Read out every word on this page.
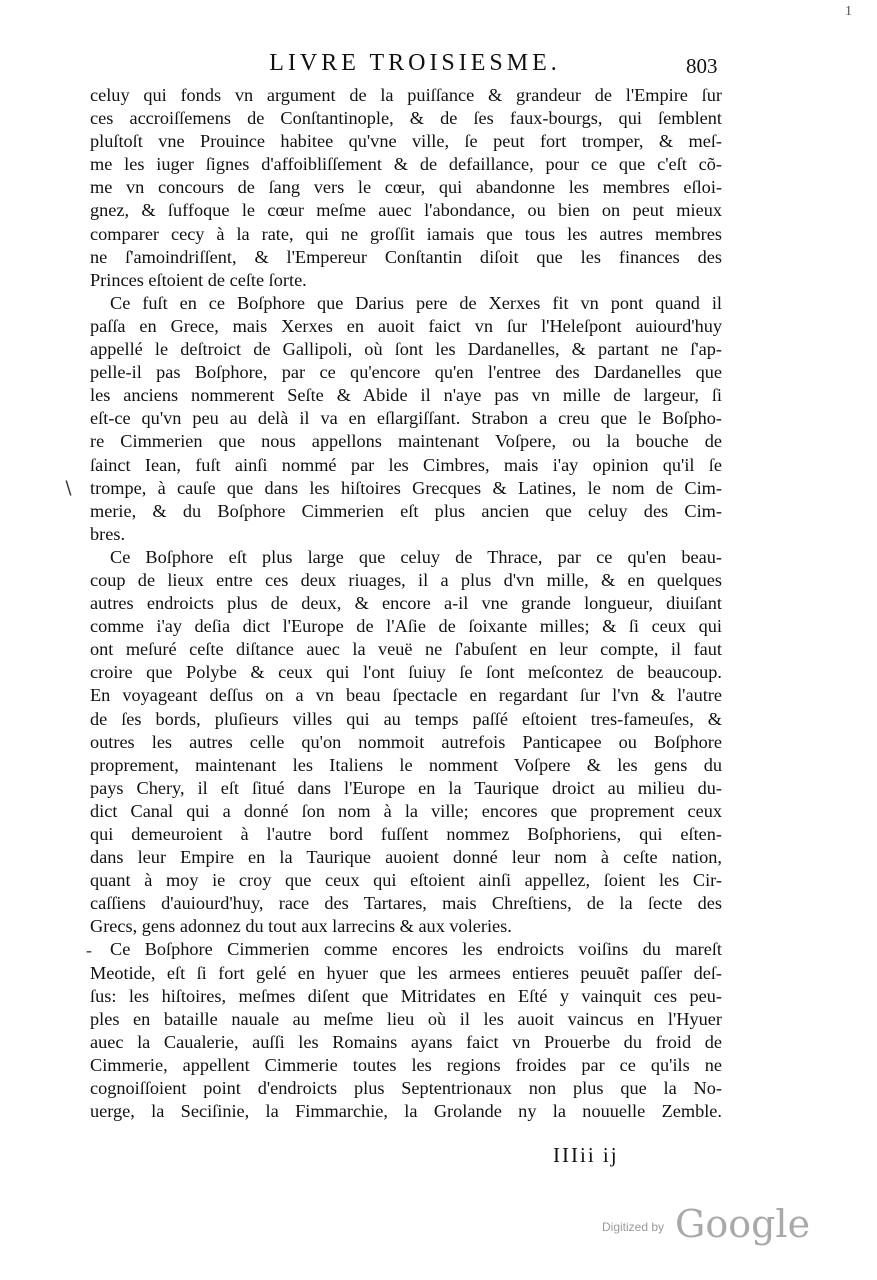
1
LIVRE TROISIESME.	803
celuy qui fonds vn argument de la puiſſance & grandeur de l'Empire ſur
ces accroiſſemens de Conſtantinople, & de ſes faux-bourgs, qui ſemblent
pluſtoſt vne Prouince habitee qu'vne ville, ſe peut fort tromper, & meſ-
me les iuger ſignes d'affoibliſſement & de defaillance, pour ce que c'eſt cõ-
me vn concours de ſang vers le cœur, qui abandonne les membres eſloi-
gnez, & ſuffoque le cœur meſme auec l'abondance, ou bien on peut mieux
comparer cecy à la rate, qui ne groſſit iamais que tous les autres membres
ne ſ'amoindriſſent, & l'Empereur Conſtantin diſoit que les finances des
Princes eſtoient de ceſte ſorte.
Ce fuſt en ce Boſphore que Darius pere de Xerxes fit vn pont quand il
paſſa en Grece, mais Xerxes en auoit faict vn ſur l'Heleſpont auiourd'huy
appellé le deſtroict de Gallipoli, où ſont les Dardanelles, & partant ne ſ'ap-
pelle-il pas Boſphore, par ce qu'encore qu'en l'entree des Dardanelles que
les anciens nommerent Seſte & Abide il n'aye pas vn mille de largeur, ſi
eſt-ce qu'vn peu au delà il va en eſlargiſſant. Strabon a creu que le Boſpho-
re Cimmerien que nous appellons maintenant Voſpere, ou la bouche de
ſainct Iean, fuſt ainſi nommé par les Cimbres, mais i'ay opinion qu'il ſe
trompe, à cauſe que dans les hiſtoires Grecques & Latines, le nom de Cim-
merie, & du Boſphore Cimmerien eſt plus ancien que celuy des Cim-
bres.
Ce Boſphore eſt plus large que celuy de Thrace, par ce qu'en beau-
coup de lieux entre ces deux riuages, il a plus d'vn mille, & en quelques
autres endroicts plus de deux, & encore a-il vne grande longueur, diuiſant
comme i'ay deſia dict l'Europe de l'Aſie de ſoixante milles; & ſi ceux qui
ont meſuré ceſte diſtance auec la veuë ne ſ'abuſent en leur compte, il faut
croire que Polybe & ceux qui l'ont ſuiuy ſe ſont meſcontez de beaucoup.
En voyageant deſſus on a vn beau ſpectacle en regardant ſur l'vn & l'autre
de ſes bords, pluſieurs villes qui au temps paſſé eſtoient tres-fameuſes, &
outres les autres celle qu'on nommoit autrefois Panticapee ou Boſphore
proprement, maintenant les Italiens le nomment Voſpere & les gens du
pays Chery, il eſt ſitué dans l'Europe en la Taurique droict au milieu du-
dict Canal qui a donné ſon nom à la ville; encores que proprement ceux
qui demeuroient à l'autre bord fuſſent nommez Boſphoriens, qui eſten-
dans leur Empire en la Taurique auoient donné leur nom à ceſte nation,
quant à moy ie croy que ceux qui eſtoient ainſi appellez, ſoient les Cir-
caſſiens d'auiourd'huy, race des Tartares, mais Chreſtiens, de la ſecte des
Grecs, gens adonnez du tout aux larrecins & aux voleries.
Ce Boſphore Cimmerien comme encores les endroicts voiſins du mareſt
Meotide, eſt ſi fort gelé en hyuer que les armees entieres peuuẽt paſſer deſ-
ſus: les hiſtoires, meſmes diſent que Mitridates en Eſté y vainquit ces peu-
ples en bataille nauale au meſme lieu où il les auoit vaincus en l'Hyuer
auec la Caualerie, auſſi les Romains ayans faict vn Prouerbe du froid de
Cimmerie, appellent Cimmerie toutes les regions froides par ce qu'ils ne
cognoiſſoient point d'endroicts plus Septentrionaux non plus que la No-
uerge, la Seciſinie, la Fimmarchie, la Grolande ny la nouuelle Zemble.
∖
-
IIIii ij
Digitized by Google
